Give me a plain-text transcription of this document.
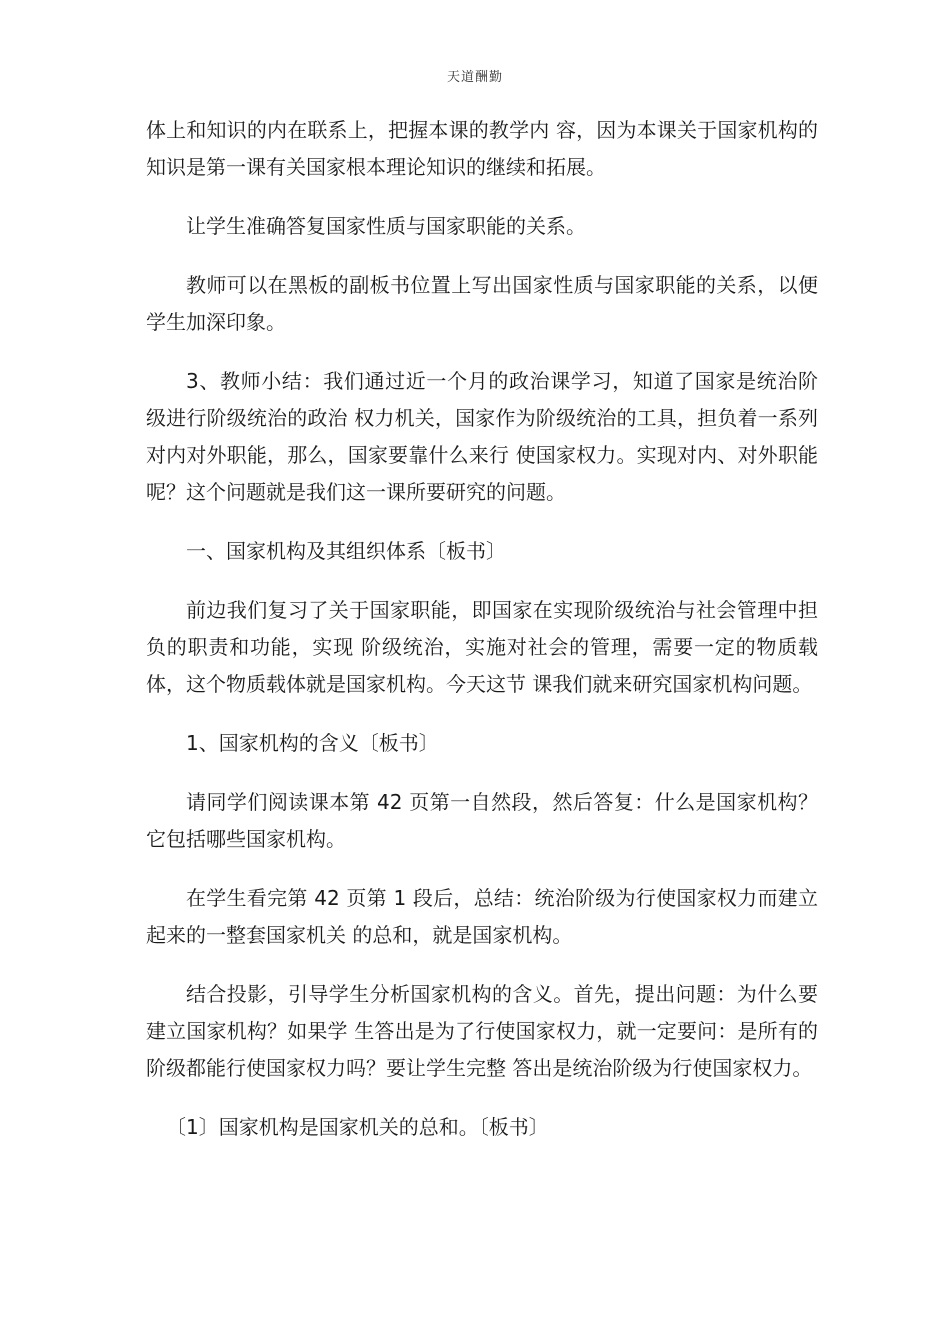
天道酬勤

体上和知识的内在联系上，把握本课的教学内 容，因为本课关于国家机构的知识是第一课有关国家根本理论知识的继续和拓展。

让学生准确答复国家性质与国家职能的关系。

教师可以在黑板的副板书位置上写出国家性质与国家职能的关系，以便学生加深印象。

3、教师小结：我们通过近一个月的政治课学习，知道了国家是统治阶级进行阶级统治的政治 权力机关，国家作为阶级统治的工具，担负着一系列对内对外职能，那么，国家要靠什么来行 使国家权力。实现对内、对外职能呢？这个问题就是我们这一课所要研究的问题。

一、国家机构及其组织体系〔板书〕

前边我们复习了关于国家职能，即国家在实现阶级统治与社会管理中担负的职责和功能，实现 阶级统治，实施对社会的管理，需要一定的物质载体，这个物质载体就是国家机构。今天这节 课我们就来研究国家机构问题。

1、国家机构的含义〔板书〕

请同学们阅读课本第 42 页第一自然段，然后答复：什么是国家机构？它包括哪些国家机构。

在学生看完第 42 页第 1 段后，总结：统治阶级为行使国家权力而建立起来的一整套国家机关 的总和，就是国家机构。

结合投影，引导学生分析国家机构的含义。首先，提出问题：为什么要建立国家机构？如果学 生答出是为了行使国家权力，就一定要问：是所有的阶级都能行使国家权力吗？要让学生完整 答出是统治阶级为行使国家权力。

〔1〕国家机构是国家机关的总和。〔板书〕
